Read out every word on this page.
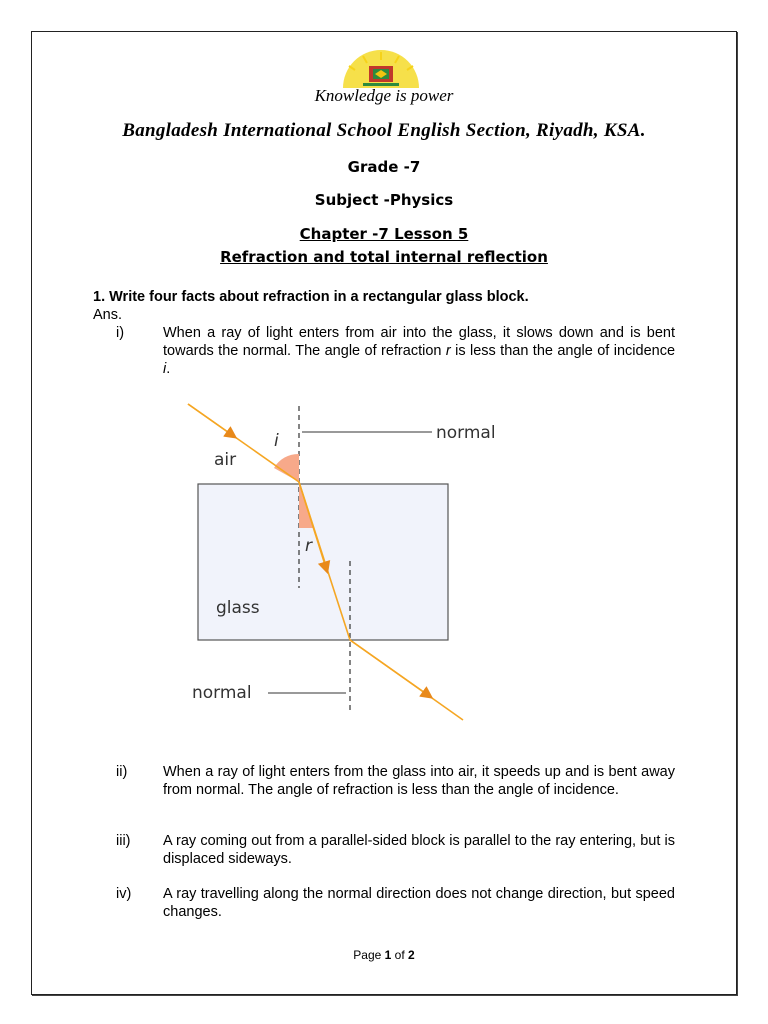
Knowledge is power
Bangladesh International School English Section, Riyadh, KSA.
Grade -7
Subject -Physics
Chapter -7 Lesson 5
Refraction and total internal reflection
1. Write four facts about refraction in a rectangular glass block.
Ans.
i)	When a ray of light enters from air into the glass, it slows down and is bent towards the normal. The angle of refraction r is less than the angle of incidence i.
air
glass
normal
normal
i
r
ii) When a ray of light enters from the glass into air, it speeds up and is bent away from normal. The angle of refraction is less than the angle of incidence.
iii) A ray coming out from a parallel-sided block is parallel to the ray entering, but is displaced sideways.
iv) A ray travelling along the normal direction does not change direction, but speed changes.
Page 1 of 2
